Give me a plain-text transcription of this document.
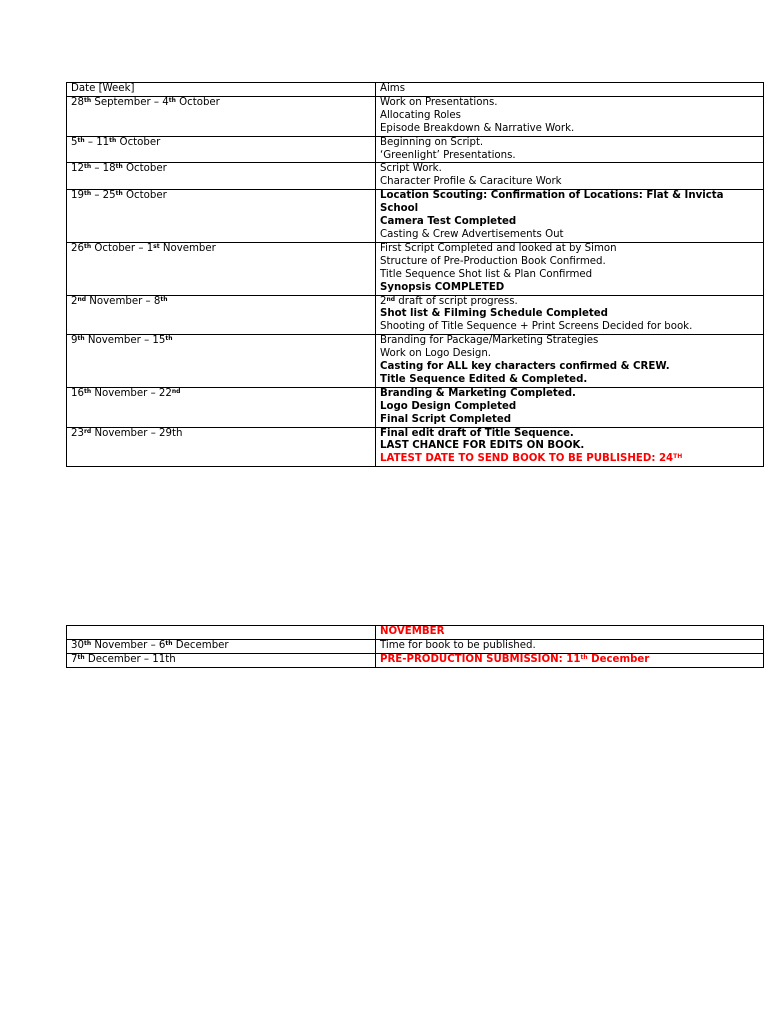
Date [Week]	Aims

28th September – 4th October	Work on Presentations.
Allocating Roles
Episode Breakdown & Narrative Work.

5th – 11th October	Beginning on Script.
‘Greenlight’ Presentations.

12th – 18th October	Script Work.
Character Profile & Caraciture Work

19th – 25th October	Location Scouting: Confirmation of Locations: Flat & Invicta School
Camera Test Completed
Casting & Crew Advertisements Out

26th October – 1st November	First Script Completed and looked at by Simon
Structure of Pre-Production Book Confirmed.
Title Sequence Shot list & Plan Confirmed
Synopsis COMPLETED

2nd November – 8th	2nd draft of script progress.
Shot list & Filming Schedule Completed
Shooting of Title Sequence + Print Screens Decided for book.

9th November – 15th	Branding for Package/Marketing Strategies
Work on Logo Design.
Casting for ALL key characters confirmed & CREW.
Title Sequence Edited & Completed.

16th November – 22nd	Branding & Marketing Completed.
Logo Design Completed
Final Script Completed

23rd November – 29th	Final edit draft of Title Sequence.
LAST CHANCE FOR EDITS ON BOOK.
LATEST DATE TO SEND BOOK TO BE PUBLISHED: 24TH

	NOVEMBER

30th November – 6th December	Time for book to be published.

7th December – 11th	PRE-PRODUCTION SUBMISSION: 11th December
